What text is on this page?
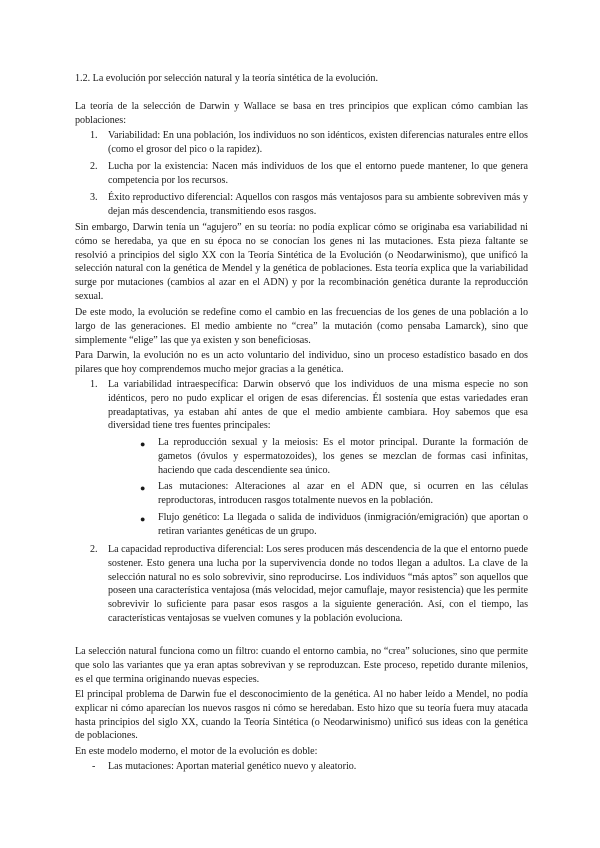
1.2. La evolución por selección natural y la teoría sintética de la evolución.

La teoría de la selección de Darwin y Wallace se basa en tres principios que explican cómo cambian las poblaciones:

1. Variabilidad: En una población, los individuos no son idénticos, existen diferencias naturales entre ellos (como el grosor del pico o la rapidez).

2. Lucha por la existencia: Nacen más individuos de los que el entorno puede mantener, lo que genera competencia por los recursos.

3. Éxito reproductivo diferencial: Aquellos con rasgos más ventajosos para su ambiente sobreviven más y dejan más descendencia, transmitiendo esos rasgos.

Sin embargo, Darwin tenía un “agujero” en su teoría: no podía explicar cómo se originaba esa variabilidad ni cómo se heredaba, ya que en su época no se conocían los genes ni las mutaciones. Esta pieza faltante se resolvió a principios del siglo XX con la Teoría Sintética de la Evolución (o Neodarwinismo), que unificó la selección natural con la genética de Mendel y la genética de poblaciones. Esta teoría explica que la variabilidad surge por mutaciones (cambios al azar en el ADN) y por la recombinación genética durante la reproducción sexual.

De este modo, la evolución se redefine como el cambio en las frecuencias de los genes de una población a lo largo de las generaciones. El medio ambiente no “crea” la mutación (como pensaba Lamarck), sino que simplemente “elige” las que ya existen y son beneficiosas.

Para Darwin, la evolución no es un acto voluntario del individuo, sino un proceso estadístico basado en dos pilares que hoy comprendemos mucho mejor gracias a la genética.

1. La variabilidad intraespecífica: Darwin observó que los individuos de una misma especie no son idénticos, pero no pudo explicar el origen de esas diferencias. Él sostenía que estas variedades eran preadaptativas, ya estaban ahí antes de que el medio ambiente cambiara. Hoy sabemos que esa diversidad tiene tres fuentes principales:

● La reproducción sexual y la meiosis: Es el motor principal. Durante la formación de gametos (óvulos y espermatozoides), los genes se mezclan de formas casi infinitas, haciendo que cada descendiente sea único.

● Las mutaciones: Alteraciones al azar en el ADN que, si ocurren en las células reproductoras, introducen rasgos totalmente nuevos en la población.

● Flujo genético: La llegada o salida de individuos (inmigración/emigración) que aportan o retiran variantes genéticas de un grupo.

2. La capacidad reproductiva diferencial: Los seres producen más descendencia de la que el entorno puede sostener. Esto genera una lucha por la supervivencia donde no todos llegan a adultos. La clave de la selección natural no es solo sobrevivir, sino reproducirse. Los individuos “más aptos” son aquellos que poseen una característica ventajosa (más velocidad, mejor camuflaje, mayor resistencia) que les permite sobrevivir lo suficiente para pasar esos rasgos a la siguiente generación. Así, con el tiempo, las características ventajosas se vuelven comunes y la población evoluciona.

La selección natural funciona como un filtro: cuando el entorno cambia, no “crea” soluciones, sino que permite que solo las variantes que ya eran aptas sobrevivan y se reproduzcan. Este proceso, repetido durante milenios, es el que termina originando nuevas especies.

El principal problema de Darwin fue el desconocimiento de la genética. Al no haber leído a Mendel, no podía explicar ni cómo aparecían los nuevos rasgos ni cómo se heredaban. Esto hizo que su teoría fuera muy atacada hasta principios del siglo XX, cuando la Teoría Sintética (o Neodarwinismo) unificó sus ideas con la genética de poblaciones.

En este modelo moderno, el motor de la evolución es doble:

- Las mutaciones: Aportan material genético nuevo y aleatorio.
